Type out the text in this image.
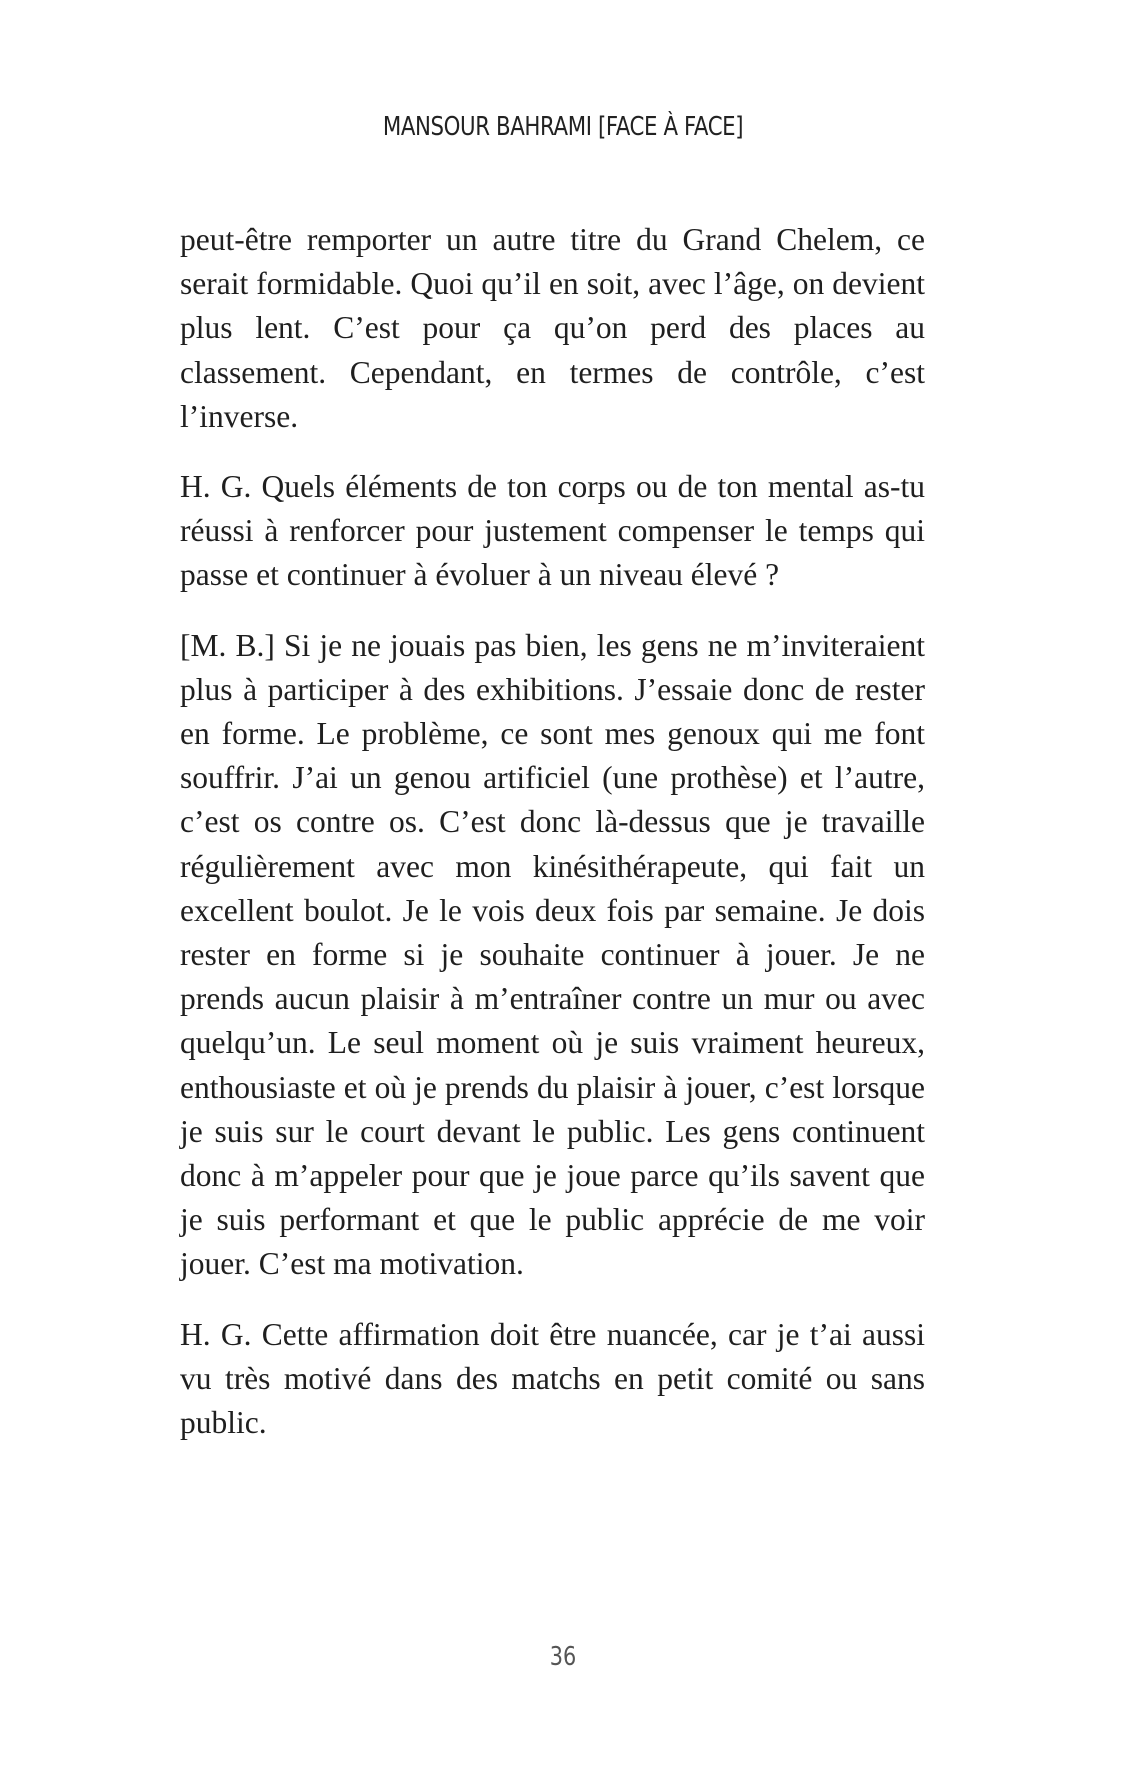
MANSOUR BAHRAMI [FACE À FACE]

peut-être remporter un autre titre du Grand Chelem, ce serait formidable. Quoi qu’il en soit, avec l’âge, on devient plus lent. C’est pour ça qu’on perd des places au classement. Cependant, en termes de contrôle, c’est l’inverse.

H. G. Quels éléments de ton corps ou de ton mental as-tu réussi à renforcer pour justement compenser le temps qui passe et continuer à évoluer à un niveau élevé ?

[M. B.] Si je ne jouais pas bien, les gens ne m’inviteraient plus à participer à des exhibitions. J’essaie donc de rester en forme. Le problème, ce sont mes genoux qui me font souffrir. J’ai un genou artificiel (une prothèse) et l’autre, c’est os contre os. C’est donc là-dessus que je travaille régulièrement avec mon kinésithérapeute, qui fait un excellent boulot. Je le vois deux fois par semaine. Je dois rester en forme si je souhaite continuer à jouer. Je ne prends aucun plaisir à m’entraîner contre un mur ou avec quelqu’un. Le seul moment où je suis vraiment heureux, enthousiaste et où je prends du plaisir à jouer, c’est lorsque je suis sur le court devant le public. Les gens continuent donc à m’appeler pour que je joue parce qu’ils savent que je suis performant et que le public apprécie de me voir jouer. C’est ma motivation.

H. G. Cette affirmation doit être nuancée, car je t’ai aussi vu très motivé dans des matchs en petit comité ou sans public.

36
